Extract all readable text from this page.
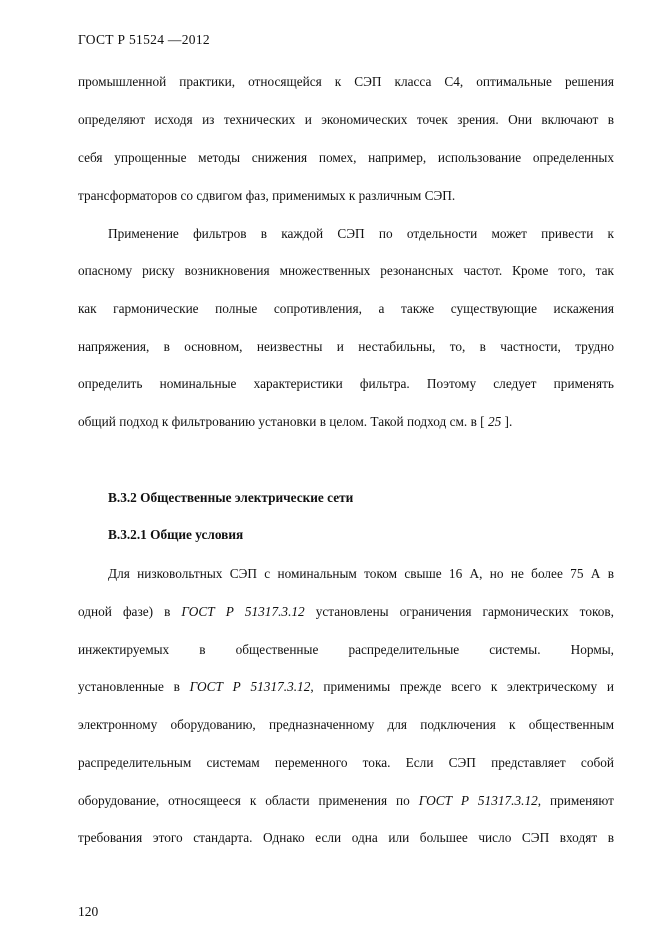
ГОСТ Р 51524 —2012
промышленной практики, относящейся к СЭП класса С4, оптимальные решения
определяют исходя из технических и экономических точек зрения. Они включают в
себя упрощенные методы снижения помех, например, использование определенных
трансформаторов со сдвигом фаз, применимых к различным СЭП.
Применение фильтров в каждой СЭП по отдельности может привести к
опасному риску возникновения множественных резонансных частот. Кроме того, так
как гармонические полные сопротивления, а также существующие искажения
напряжения, в основном, неизвестны и нестабильны, то, в частности, трудно
определить номинальные характеристики фильтра. Поэтому следует применять
общий подход к фильтрованию установки в целом. Такой подход см. в [ 25 ].
В.3.2 Общественные электрические сети
В.3.2.1 Общие условия
Для низковольтных СЭП с номинальным током свыше 16 А, но не более 75 А в
одной фазе) в ГОСТ Р 51317.3.12 установлены ограничения гармонических токов,
инжектируемых в общественные распределительные системы. Нормы,
установленные в ГОСТ Р 51317.3.12, применимы прежде всего к электрическому и
электронному оборудованию, предназначенному для подключения к общественным
распределительным системам переменного тока. Если СЭП представляет собой
оборудование, относящееся к области применения по ГОСТ Р 51317.3.12, применяют
требования этого стандарта. Однако если одна или большее число СЭП входят в
120
